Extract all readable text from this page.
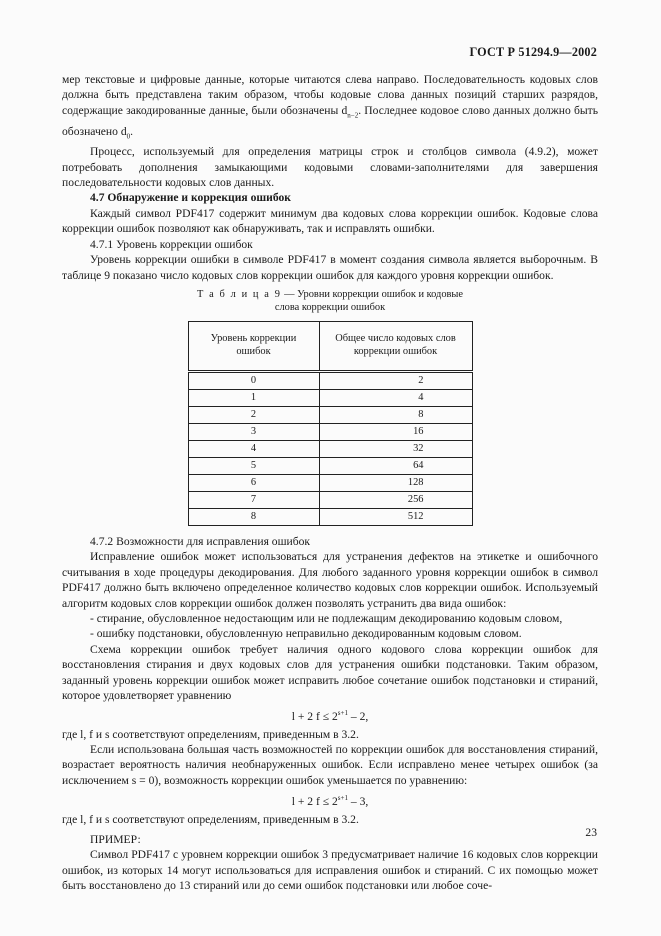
ГОСТ Р 51294.9—2002

мер текстовые и цифровые данные, которые читаются слева направо. Последовательность кодовых слов должна быть представлена таким образом, чтобы кодовые слова данных позиций старших разрядов, содержащие закодированные данные, были обозначены $d_{n-2}$. Последнее кодовое слово данных должно быть обозначено $d_0$.

Процесс, используемый для определения матрицы строк и столбцов символа (4.9.2), может потребовать дополнения замыкающими кодовыми словами-заполнителями для завершения последовательности кодовых слов данных.

4.7 Обнаружение и коррекция ошибок

Каждый символ PDF417 содержит минимум два кодовых слова коррекции ошибок. Кодовые слова коррекции ошибок позволяют как обнаруживать, так и исправлять ошибки.

4.7.1 Уровень коррекции ошибок

Уровень коррекции ошибки в символе PDF417 в момент создания символа является выборочным. В таблице 9 показано число кодовых слов коррекции ошибок для каждого уровня коррекции ошибок.

Т а б л и ц а 9 — Уровни коррекции ошибок и кодовые
слова коррекции ошибок
Уровень коррекции ошибок	Общее число кодовых слов коррекции ошибок
0	2
1	4
2	8
3	16
4	32
5	64
6	128
7	256
8	512

4.7.2 Возможности для исправления ошибок

Исправление ошибок может использоваться для устранения дефектов на этикетке и ошибочного считывания в ходе процедуры декодирования. Для любого заданного уровня коррекции ошибок в символ PDF417 должно быть включено определенное количество кодовых слов коррекции ошибок. Используемый алгоритм кодовых слов коррекции ошибок должен позволять устранить два вида ошибок:

- стирание, обусловленное недостающим или не подлежащим декодированию кодовым словом,

- ошибку подстановки, обусловленную неправильно декодированным кодовым словом.

Схема коррекции ошибок требует наличия одного кодового слова коррекции ошибок для восстановления стирания и двух кодовых слов для устранения ошибки подстановки. Таким образом, заданный уровень коррекции ошибок может исправить любое сочетание ошибок подстановки и стираний, которое удовлетворяет уравнению

l + 2 $f \le 2^{s+1} - 2$,

где l, f и s соответствуют определениям, приведенным в 3.2.

Если использована большая часть возможностей по коррекции ошибок для восстановления стираний, возрастает вероятность наличия необнаруженных ошибок. Если исправлено менее четырех ошибок (за исключением s = 0), возможность коррекции ошибок уменьшается по уравнению:

l + 2 $f \le 2^{s+1} - 3$,

где l, f и s соответствуют определениям, приведенным в 3.2.

ПРИМЕР:

Символ PDF417 с уровнем коррекции ошибок 3 предусматривает наличие 16 кодовых слов коррекции ошибок, из которых 14 могут использоваться для исправления ошибок и стираний. С их помощью может быть восстановлено до 13 стираний или до семи ошибок подстановки или любое соче-

23
